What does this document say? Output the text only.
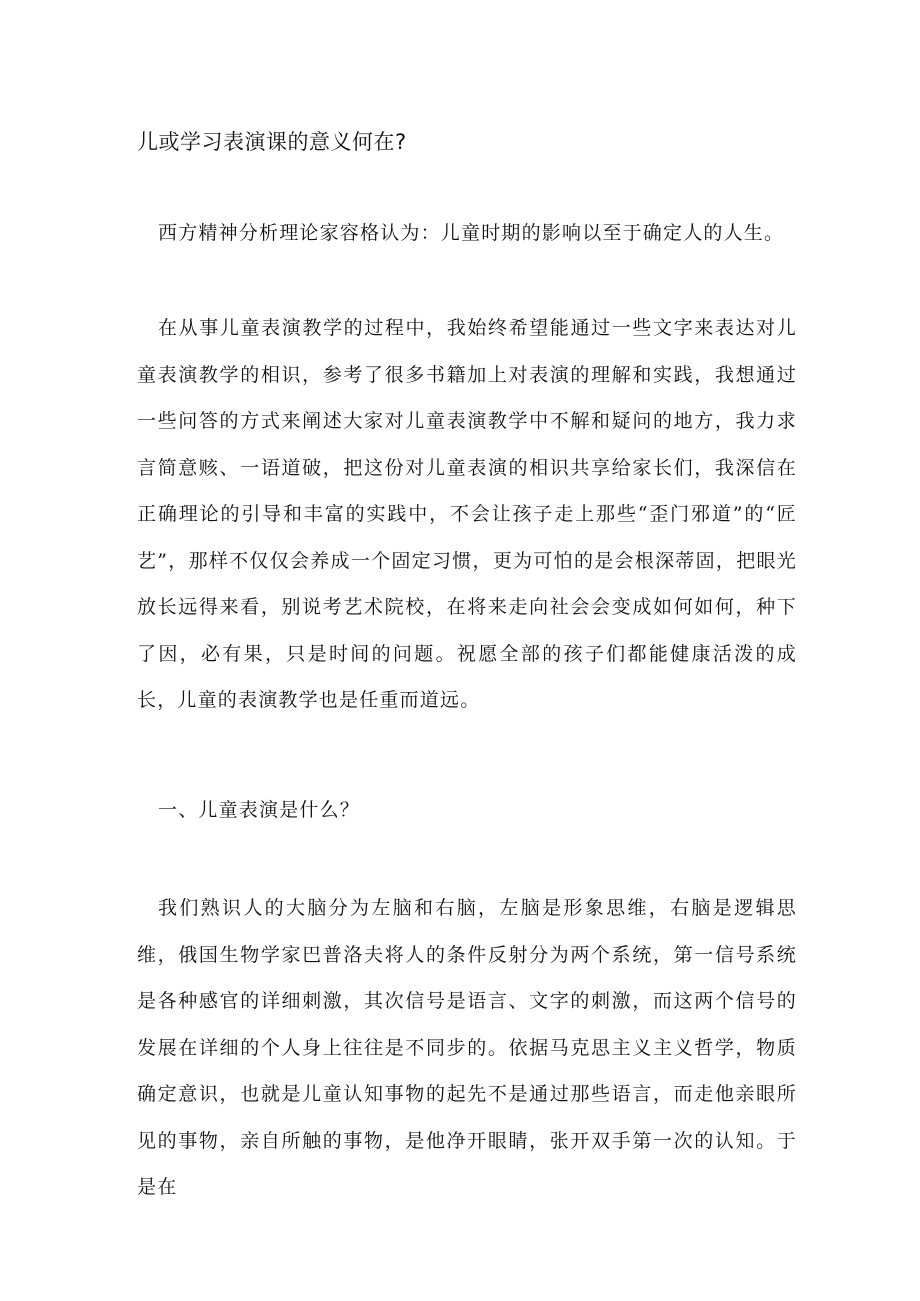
儿或学习表演课的意义何在?

西方精神分析理论家容格认为：儿童时期的影响以至于确定人的人生。

在从事儿童表演教学的过程中，我始终希望能通过一些文字来表达对儿童表演教学的相识，参考了很多书籍加上对表演的理解和实践，我想通过一些问答的方式来阐述大家对儿童表演教学中不解和疑问的地方，我力求言简意赅、一语道破，把这份对儿童表演的相识共享给家长们，我深信在正确理论的引导和丰富的实践中，不会让孩子走上那些“歪门邪道”的“匠艺”，那样不仅仅会养成一个固定习惯，更为可怕的是会根深蒂固，把眼光放长远得来看，别说考艺术院校，在将来走向社会会变成如何如何，种下了因，必有果，只是时间的问题。祝愿全部的孩子们都能健康活泼的成长，儿童的表演教学也是任重而道远。

一、儿童表演是什么？

我们熟识人的大脑分为左脑和右脑，左脑是形象思维，右脑是逻辑思维，俄国生物学家巴普洛夫将人的条件反射分为两个系统，第一信号系统是各种感官的详细刺激，其次信号是语言、文字的刺激，而这两个信号的发展在详细的个人身上往往是不同步的。依据马克思主义主义哲学，物质确定意识，也就是儿童认知事物的起先不是通过那些语言，而走他亲眼所见的事物，亲自所触的事物，是他净开眼睛，张开双手第一次的认知。于是在
